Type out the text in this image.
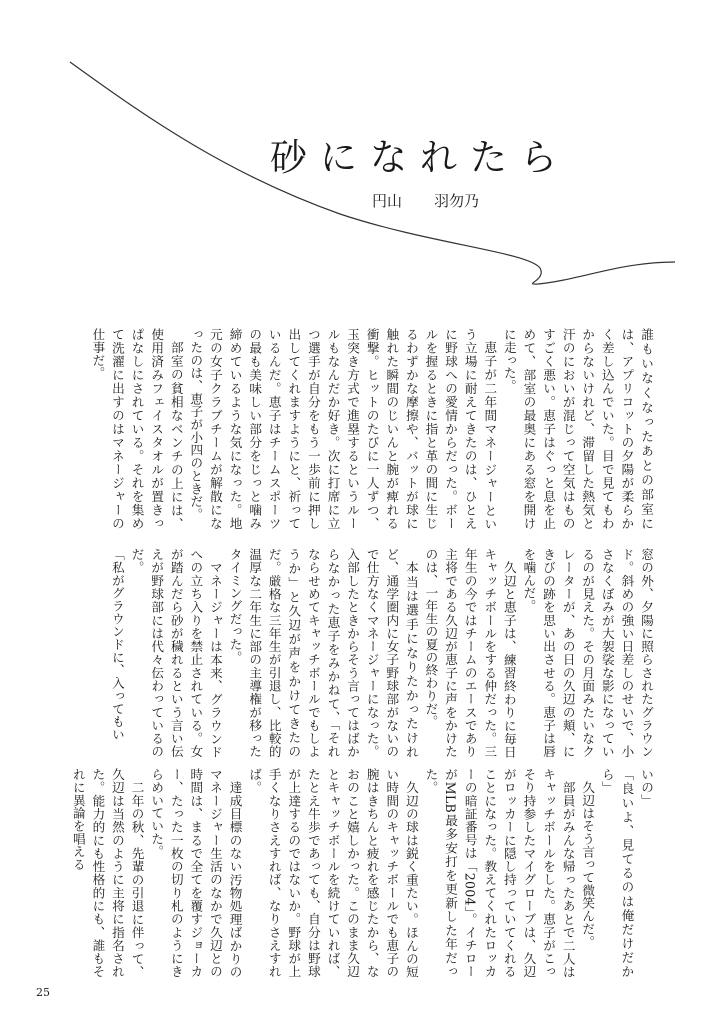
砂になれたら
円山 羽勿乃

誰もいなくなったあとの部室には、アプリコットの夕陽が柔らかく差し込んでいた。目で見てもわからないけれど、滞留した熱気と汗のにおいが混じって空気はものすごく悪い。恵子はぐっと息を止めて、部室の最奥にある窓を開けに走った。

恵子が二年間マネージャーという立場に耐えてきたのは、ひとえに野球への愛情からだった。ボールを握るときに指と革の間に生じるわずかな摩擦や、バットが球に触れた瞬間のじいんと腕が痺れる衝撃。ヒットのたびに一人ずつ、玉突き方式で進塁するというルールもなんだか好き。次に打席に立つ選手が自分をもう一歩前に押し出してくれますようにと、祈っているんだ。恵子はチームスポーツの最も美味しい部分をじっと噛み締めているような気になった。地元の女子クラブチームが解散になったのは、恵子が小四のときだ。

部室の貧相なベンチの上には、使用済みフェイスタオルが置きっぱなしにされている。それを集めて洗濯に出すのはマネージャーの仕事だ。

窓の外、夕陽に照らされたグラウンド。斜めの強い日差しのせいで、小さなくぼみが大袈裟な影になっているのが見えた。その月面みたいなクレーターが、あの日の久辺の頬、にきびの跡を思い出させる。恵子は唇を噛んだ。

久辺と恵子は、練習終わりに毎日キャッチボールをする仲だった。三年生の今ではチームのエースであり主将である久辺が恵子に声をかけたのは、一年生の夏の終わりだ。

本当は選手になりたかったけれど、通学圏内に女子野球部がないので仕方なくマネージャーになった。入部したときからそう言ってはばからなかった恵子をみかねて、「それならせめてキャッチボールでもしようか」と久辺が声をかけてきたのだ。厳格な三年生が引退し、比較的温厚な二年生に部の主導権が移ったタイミングだった。

マネージャーは本来、グラウンドへの立ち入りを禁止されている。女が踏んだら砂が穢れるという言い伝えが野球部には代々伝わっているのだ。

「私がグラウンドに、入ってもい

いの」

「良いよ、見てるのは俺だけだから」

久辺はそう言って微笑んだ。

部員がみんな帰ったあとで二人はキャッチボールをした。恵子がこっそり持参したマイグローブは、久辺がロッカーに隠し持っていてくれることになった。教えてくれたロッカーの暗証番号は「2004」。イチローがMLB最多安打を更新した年だった。

久辺の球は鋭く重たい。ほんの短い時間のキャッチボールでも恵子の腕はきちんと疲れを感じたから、なおのこと嬉しかった。このまま久辺とキャッチボールを続けていれば、たとえ牛歩であっても、自分は野球が上達するのではないか。野球が上手くなりさえすれば、なりさえすれば。

達成目標のない汚物処理ばかりのマネージャー生活のなかで久辺との時間は、まるで全てを覆すジョーカー、たった一枚の切り札のようにきらめいていた。

二年の秋、先輩の引退に伴って、久辺は当然のように主将に指名された。能力的にも性格的にも、誰もそれに異論を唱える

25
